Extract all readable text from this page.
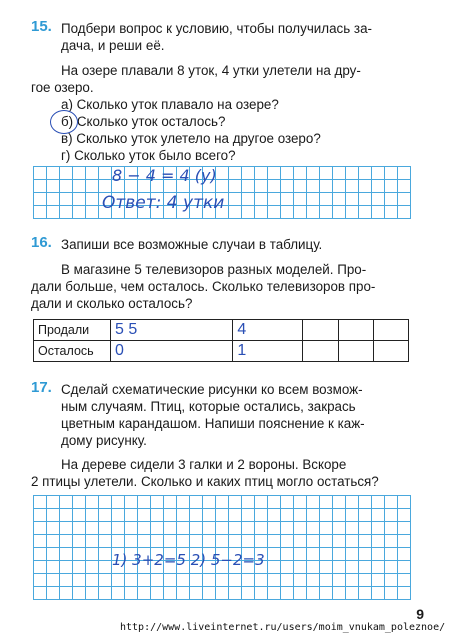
15. Подбери вопрос к условию, чтобы получилась за-
дача, и реши её.
На озере плавали 8 уток, 4 утки улетели на дру-
гое озеро.
а) Сколько уток плавало на озере?
б) Сколько уток осталось?
в) Сколько уток улетело на другое озеро?
г) Сколько уток было всего?
8 − 4 = 4 (у)
Ответ: 4 утки
16. Запиши все возможные случаи в таблицу.
В магазине 5 телевизоров разных моделей. Про-
дали больше, чем осталось. Сколько телевизоров про-
дали и сколько осталось?
Продали	5 5	4			
Осталось	0	1			
17. Сделай схематические рисунки ко всем возмож-
ным случаям. Птиц, которые остались, закрась
цветным карандашом. Напиши пояснение к каж-
дому рисунку.
На дереве сидели 3 галки и 2 вороны. Вскоре
2 птицы улетели. Сколько и каких птиц могло остаться?
1) 3+2=5 2) 5−2=3
9
http://www.liveinternet.ru/users/moim_vnukam_poleznoe/
